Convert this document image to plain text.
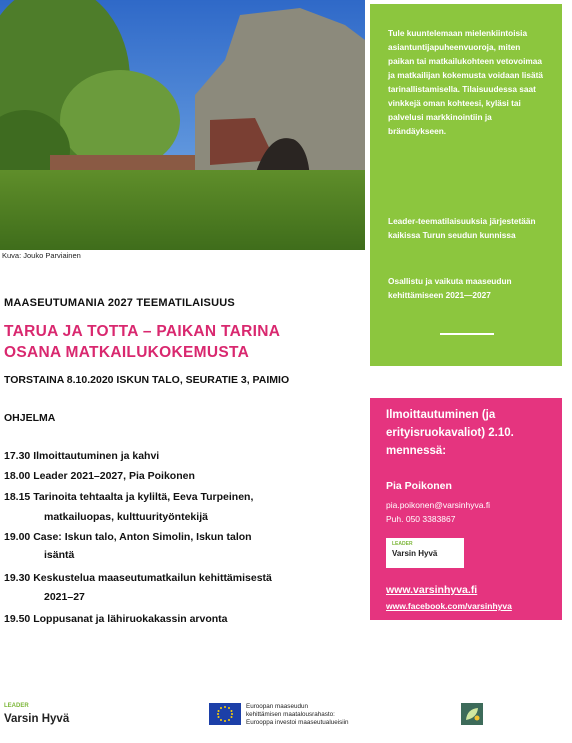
Kuva: Jouko Parviainen

Tule kuuntelemaan mielenkiintoisia asiantuntijapuheenvuoroja, miten paikan tai matkailukohteen vetovoimaa ja matkailijan kokemusta voidaan lisätä tarinallistamisella. Tilaisuudessa saat vinkkejä oman kohteesi, kyläsi tai palvelusi markkinointiin ja brändäykseen.

Leader-teematilaisuuksia järjestetään kaikissa Turun seudun kunnissa

Osallistu ja vaikuta maaseudun kehittämiseen 2021—2027

MAASEUTUMANIA 2027 TEEMATILAISUUS
TARUA JA TOTTA – PAIKAN TARINA
OSANA MATKAILUKOKEMUSTA
TORSTAINA 8.10.2020 ISKUN TALO, SEURATIE 3, PAIMIO
OHJELMA
17.30 Ilmoittautuminen ja kahvi
18.00 Leader 2021–2027, Pia Poikonen
18.15 Tarinoita tehtaalta ja kyliltä, Eeva Turpeinen,
matkailuopas, kulttuurityöntekijä
19.00 Case: Iskun talo, Anton Simolin, Iskun talon
isäntä
19.30 Keskustelua maaseutumatkailun kehittämisestä
2021–27
19.50 Loppusanat ja lähiruokakassin arvonta
Ilmoittautuminen (ja erityisruokavaliot) 2.10. mennessä:
Pia Poikonen
pia.poikonen@varsinhyva.fi
Puh. 050 3383867
LEADER
Varsin Hyvä
www.varsinhyva.fi
www.facebook.com/varsinhyva
LEADER
Varsin Hyvä
Euroopan maaseudun
kehittämisen maatalousrahasto:
Eurooppa investoi maaseutualueisiin
